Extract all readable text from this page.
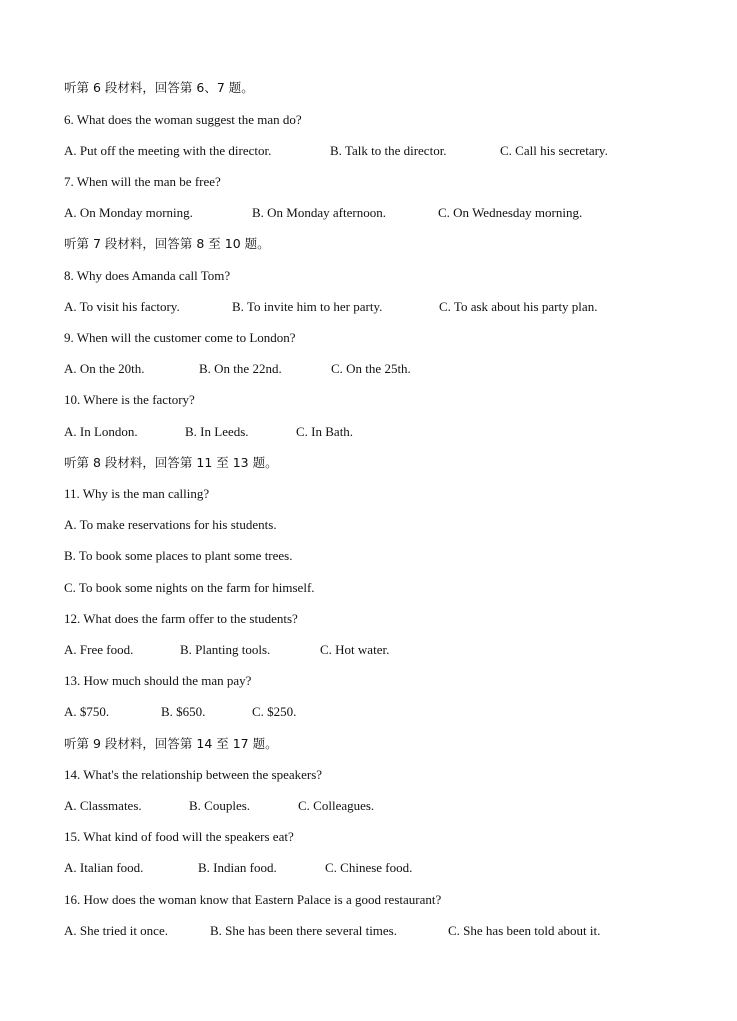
听第 6 段材料，回答第 6、7 题。
6. What does the woman suggest the man do?
A. Put off the meeting with the director.	B. Talk to the director.	C. Call his secretary.
7. When will the man be free?
A. On Monday morning.	B. On Monday afternoon.	C. On Wednesday morning.
听第 7 段材料，回答第 8 至 10 题。
8. Why does Amanda call Tom?
A. To visit his factory.	B. To invite him to her party.	C. To ask about his party plan.
9. When will the customer come to London?
A. On the 20th.	B. On the 22nd.	C. On the 25th.
10. Where is the factory?
A. In London.	B. In Leeds.	C. In Bath.
听第 8 段材料，回答第 11 至 13 题。
11. Why is the man calling?
A. To make reservations for his students.
B. To book some places to plant some trees.
C. To book some nights on the farm for himself.
12. What does the farm offer to the students?
A. Free food.	B. Planting tools.	C. Hot water.
13. How much should the man pay?
A. $750.	B. $650.	C. $250.
听第 9 段材料，回答第 14 至 17 题。
14. What's the relationship between the speakers?
A. Classmates.	B. Couples.	C. Colleagues.
15. What kind of food will the speakers eat?
A. Italian food.	B. Indian food.	C. Chinese food.
16. How does the woman know that Eastern Palace is a good restaurant?
A. She tried it once.	B. She has been there several times.	C. She has been told about it.
